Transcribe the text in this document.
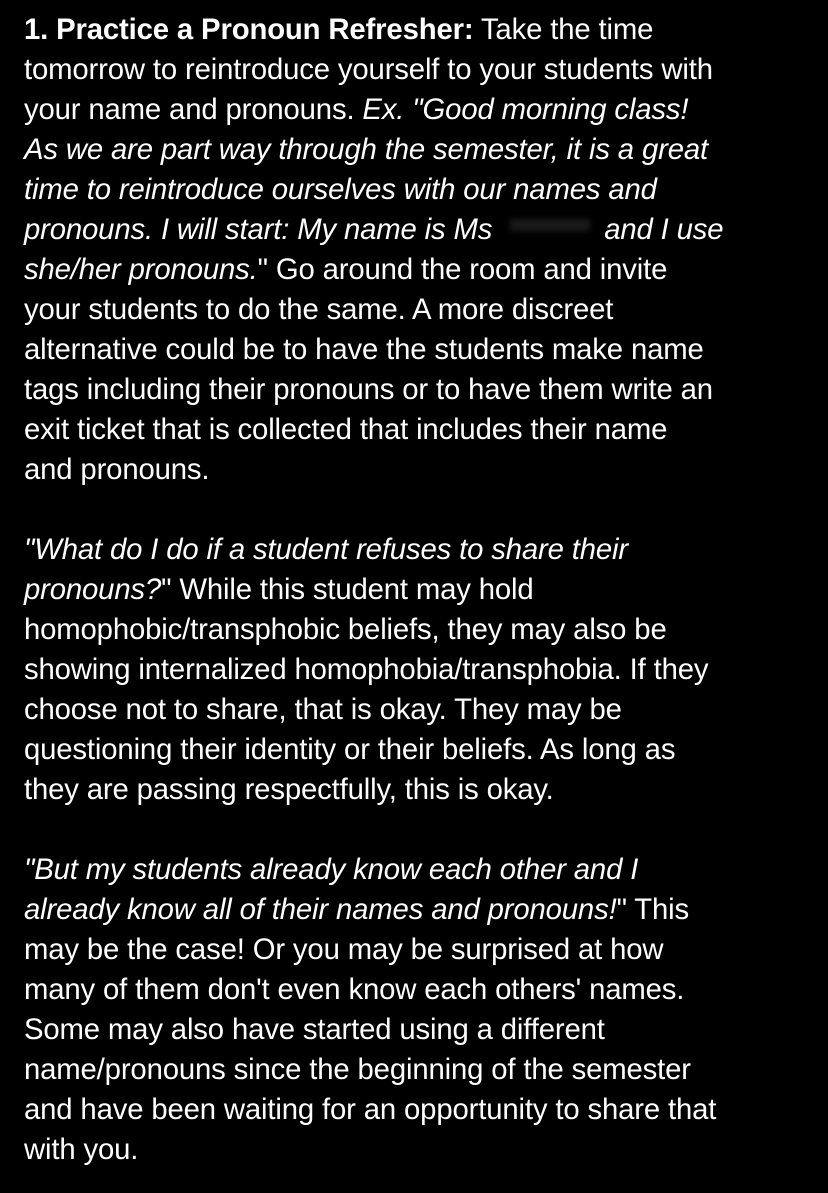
1. Practice a Pronoun Refresher: Take the time
tomorrow to reintroduce yourself to your students with
your name and pronouns. Ex. "Good morning class!
As we are part way through the semester, it is a great
time to reintroduce ourselves with our names and
pronouns. I will start: My name is Ms	and I use
she/her pronouns." Go around the room and invite
your students to do the same. A more discreet
alternative could be to have the students make name
tags including their pronouns or to have them write an
exit ticket that is collected that includes their name
and pronouns.
"What do I do if a student refuses to share their
pronouns?" While this student may hold
homophobic/transphobic beliefs, they may also be
showing internalized homophobia/transphobia. If they
choose not to share, that is okay. They may be
questioning their identity or their beliefs. As long as
they are passing respectfully, this is okay.
"But my students already know each other and I
already know all of their names and pronouns!" This
may be the case! Or you may be surprised at how
many of them don't even know each others' names.
Some may also have started using a different
name/pronouns since the beginning of the semester
and have been waiting for an opportunity to share that
with you.
